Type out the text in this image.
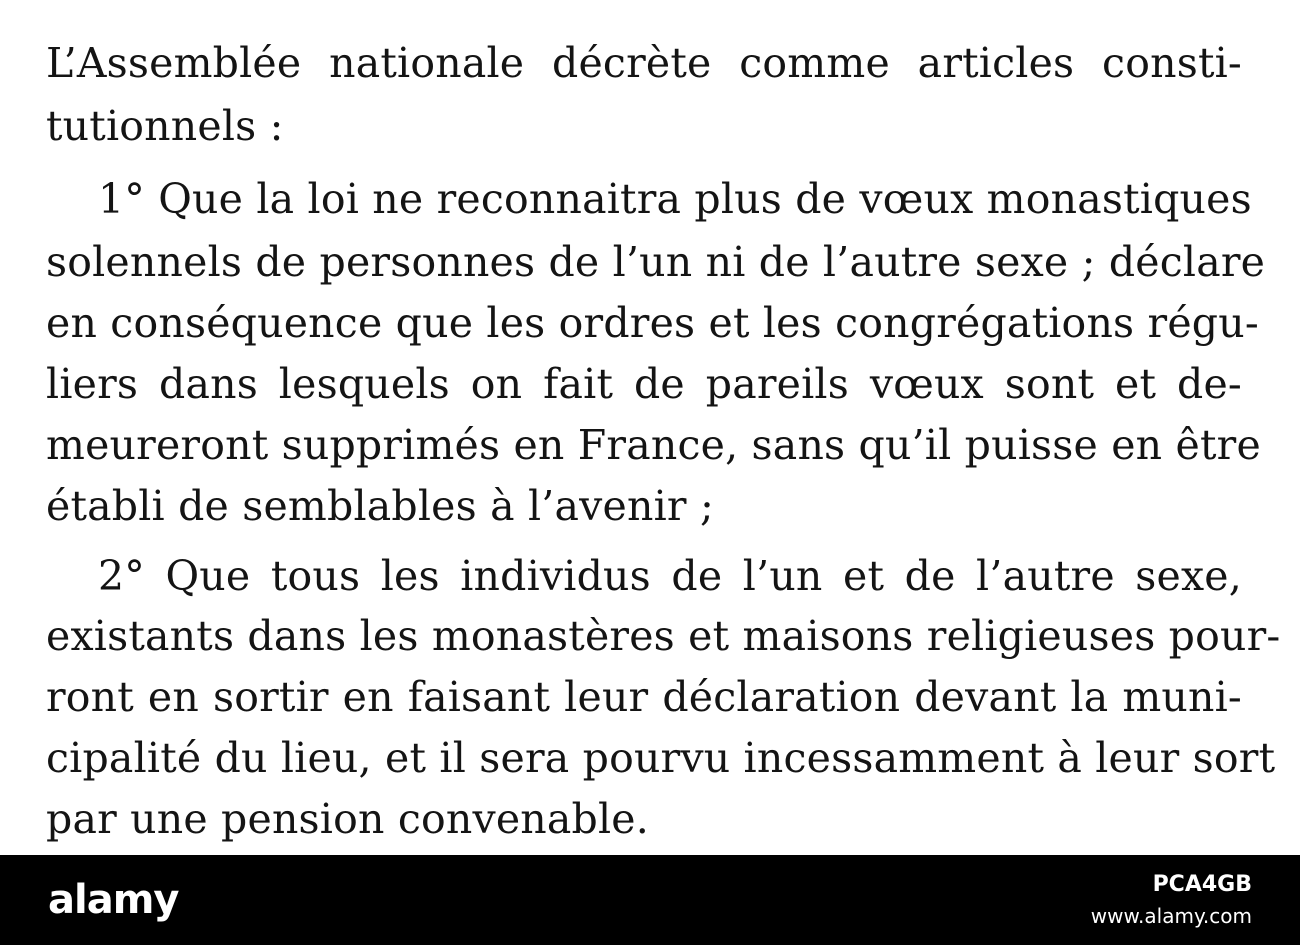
L’Assemblée nationale décrète comme articles consti-
tutionnels :
1° Que la loi ne reconnaitra plus de vœux monastiques
solennels de personnes de l’un ni de l’autre sexe ; déclare
en conséquence que les ordres et les congrégations régu-
liers dans lesquels on fait de pareils vœux sont et de-
meureront supprimés en France, sans qu’il puisse en être
établi de semblables à l’avenir ;
2° Que tous les individus de l’un et de l’autre sexe,
existants dans les monastères et maisons religieuses pour-
ront en sortir en faisant leur déclaration devant la muni-
cipalité du lieu, et il sera pourvu incessamment à leur sort
par une pension convenable.
alamy	PCA4GB
www.alamy.com
